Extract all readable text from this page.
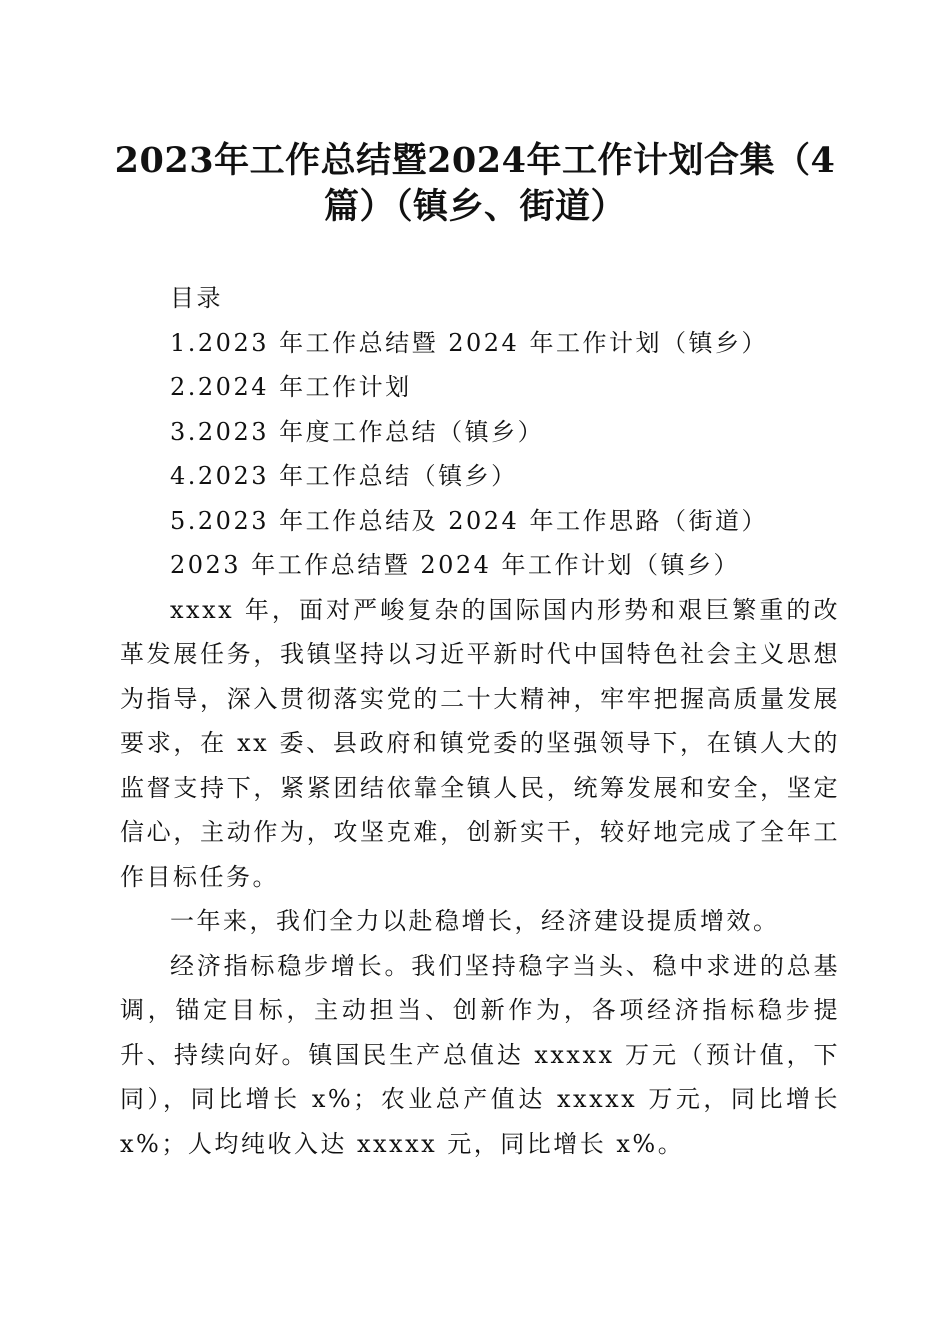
2023年工作总结暨2024年工作计划合集（4
篇）（镇乡、街道）
目录
1.2023 年工作总结暨 2024 年工作计划（镇乡）
2.2024 年工作计划
3.2023 年度工作总结（镇乡）
4.2023 年工作总结（镇乡）
5.2023 年工作总结及 2024 年工作思路（街道）
2023 年工作总结暨 2024 年工作计划（镇乡）

xxxx 年，面对严峻复杂的国际国内形势和艰巨繁重的改革发展任务，我镇坚持以习近平新时代中国特色社会主义思想为指导，深入贯彻落实党的二十大精神，牢牢把握高质量发展要求，在 xx 委、县政府和镇党委的坚强领导下，在镇人大的监督支持下，紧紧团结依靠全镇人民，统筹发展和安全，坚定信心，主动作为，攻坚克难，创新实干，较好地完成了全年工作目标任务。

一年来，我们全力以赴稳增长，经济建设提质增效。

经济指标稳步增长。我们坚持稳字当头、稳中求进的总基调，锚定目标，主动担当、创新作为，各项经济指标稳步提升、持续向好。镇国民生产总值达 xxxxx 万元（预计值，下同），同比增长 x%；农业总产值达 xxxxx 万元，同比增长 x%；人均纯收入达 xxxxx 元，同比增长 x%。
